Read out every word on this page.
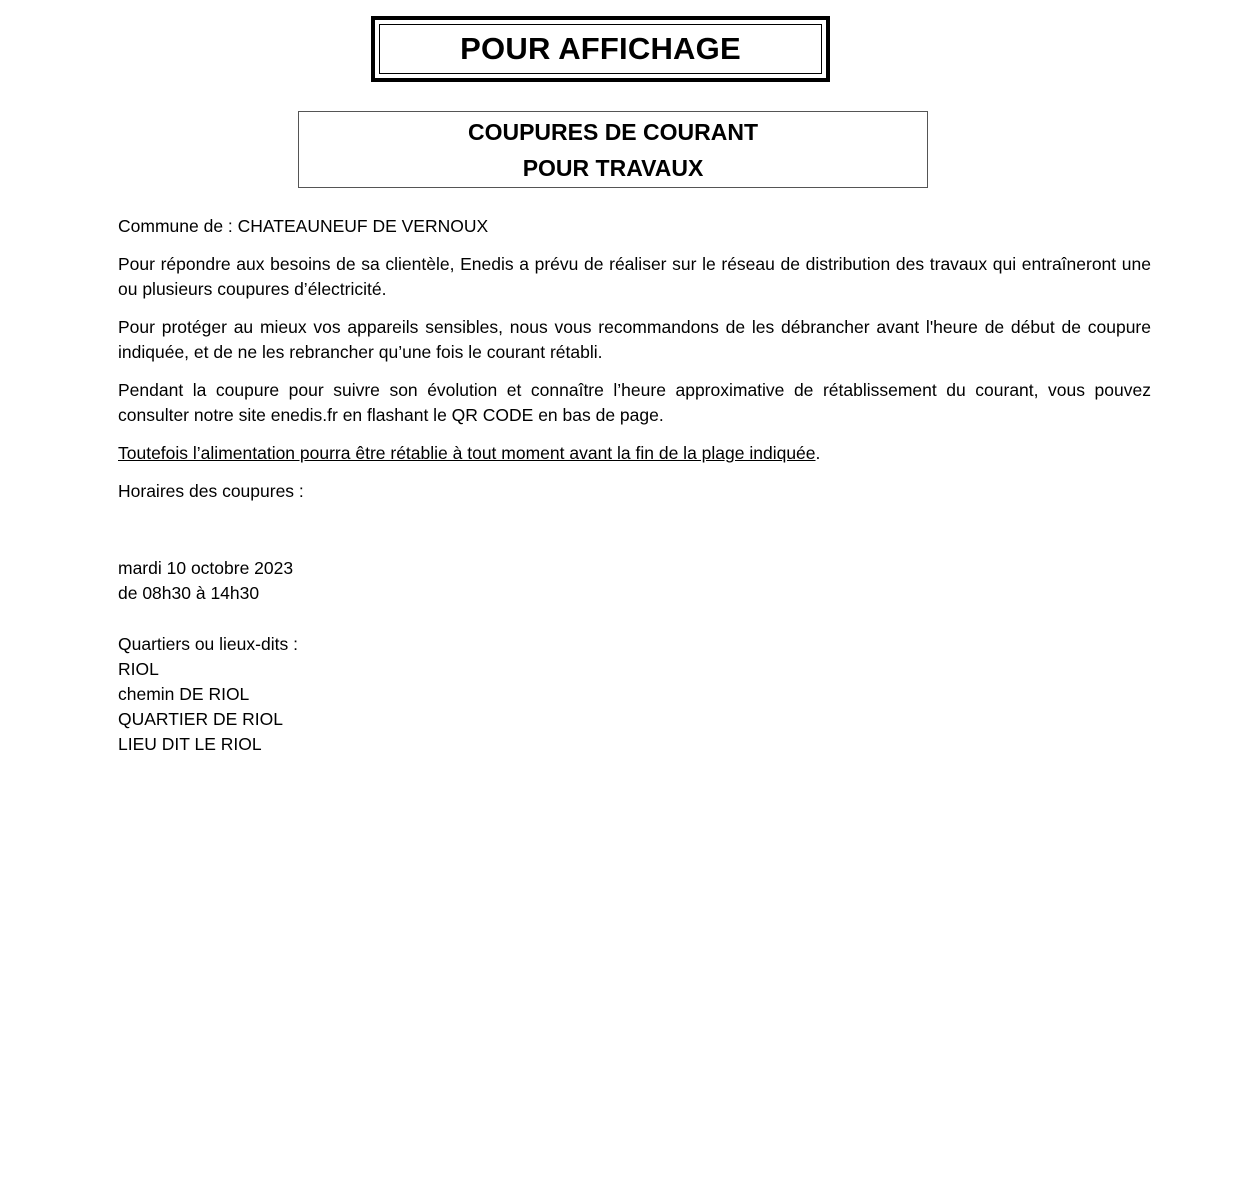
POUR AFFICHAGE
COUPURES DE COURANT
POUR TRAVAUX

Commune de : CHATEAUNEUF DE VERNOUX

Pour répondre aux besoins de sa clientèle, Enedis a prévu de réaliser sur le réseau de distribution des travaux qui entraîneront une ou plusieurs coupures d’électricité.

Pour protéger au mieux vos appareils sensibles, nous vous recommandons de les débrancher avant l'heure de début de coupure indiquée, et de ne les rebrancher qu’une fois le courant rétabli.

Pendant la coupure pour suivre son évolution et connaître l’heure approximative de rétablissement du courant, vous pouvez consulter notre site enedis.fr en flashant le QR CODE en bas de page.

Toutefois l’alimentation pourra être rétablie à tout moment avant la fin de la plage indiquée.

Horaires des coupures :

mardi 10 octobre 2023
de 08h30 à 14h30
Quartiers ou lieux-dits :
RIOL
chemin DE RIOL
QUARTIER DE RIOL
LIEU DIT LE RIOL
